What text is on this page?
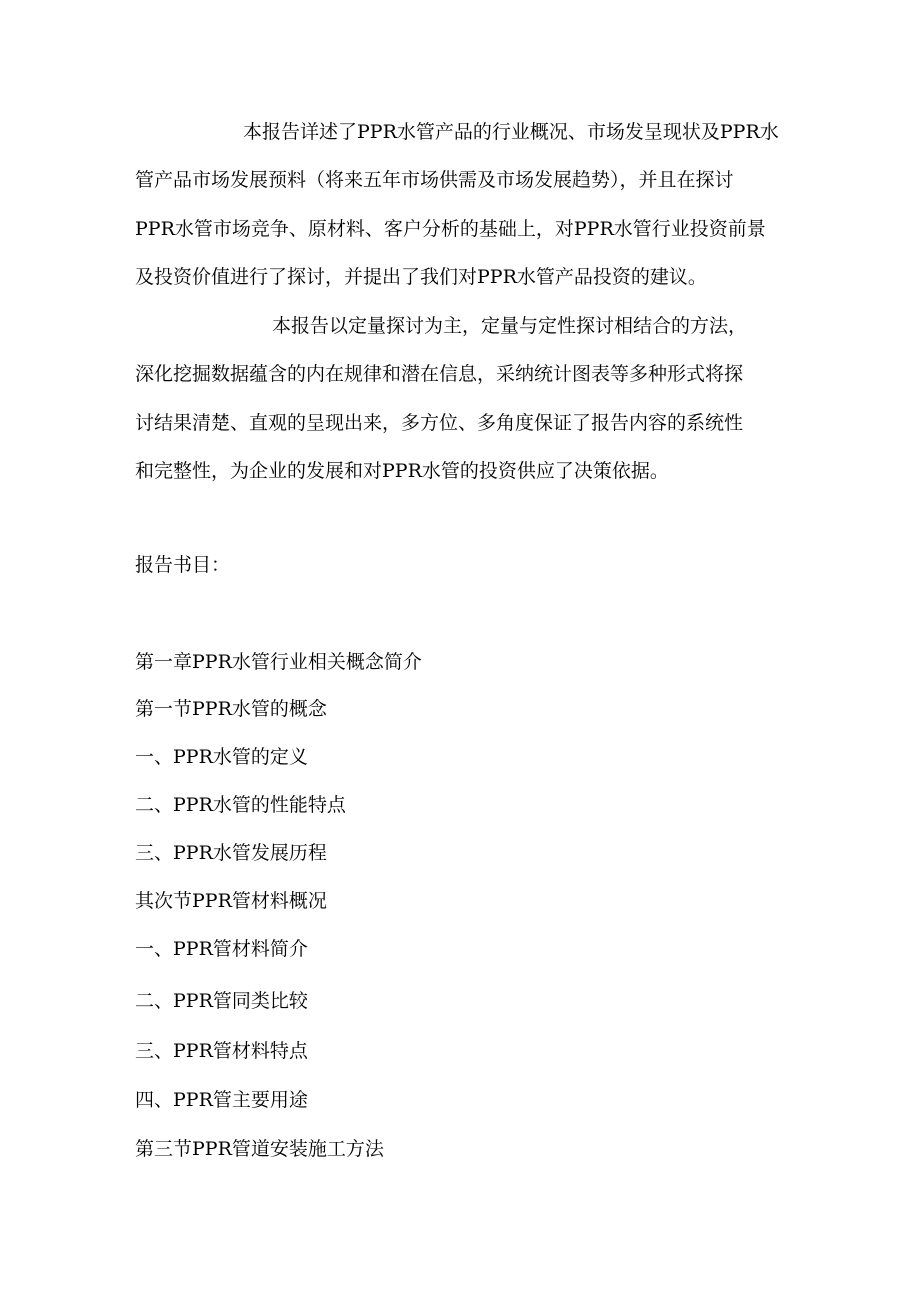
本报告详述了PPR水管产品的行业概况、市场发呈现状及PPR水
管产品市场发展预料（将来五年市场供需及市场发展趋势），并且在探讨
PPR水管市场竞争、原材料、客户分析的基础上，对PPR水管行业投资前景
及投资价值进行了探讨，并提出了我们对PPR水管产品投资的建议。
本报告以定量探讨为主，定量与定性探讨相结合的方法，
深化挖掘数据蕴含的内在规律和潜在信息，采纳统计图表等多种形式将探
讨结果清楚、直观的呈现出来，多方位、多角度保证了报告内容的系统性
和完整性，为企业的发展和对PPR水管的投资供应了决策依据。
报告书目：
第一章PPR水管行业相关概念简介
第一节PPR水管的概念
一、PPR水管的定义
二、PPR水管的性能特点
三、PPR水管发展历程
其次节PPR管材料概况
一、PPR管材料简介
二、PPR管同类比较
三、PPR管材料特点
四、PPR管主要用途
第三节PPR管道安装施工方法
